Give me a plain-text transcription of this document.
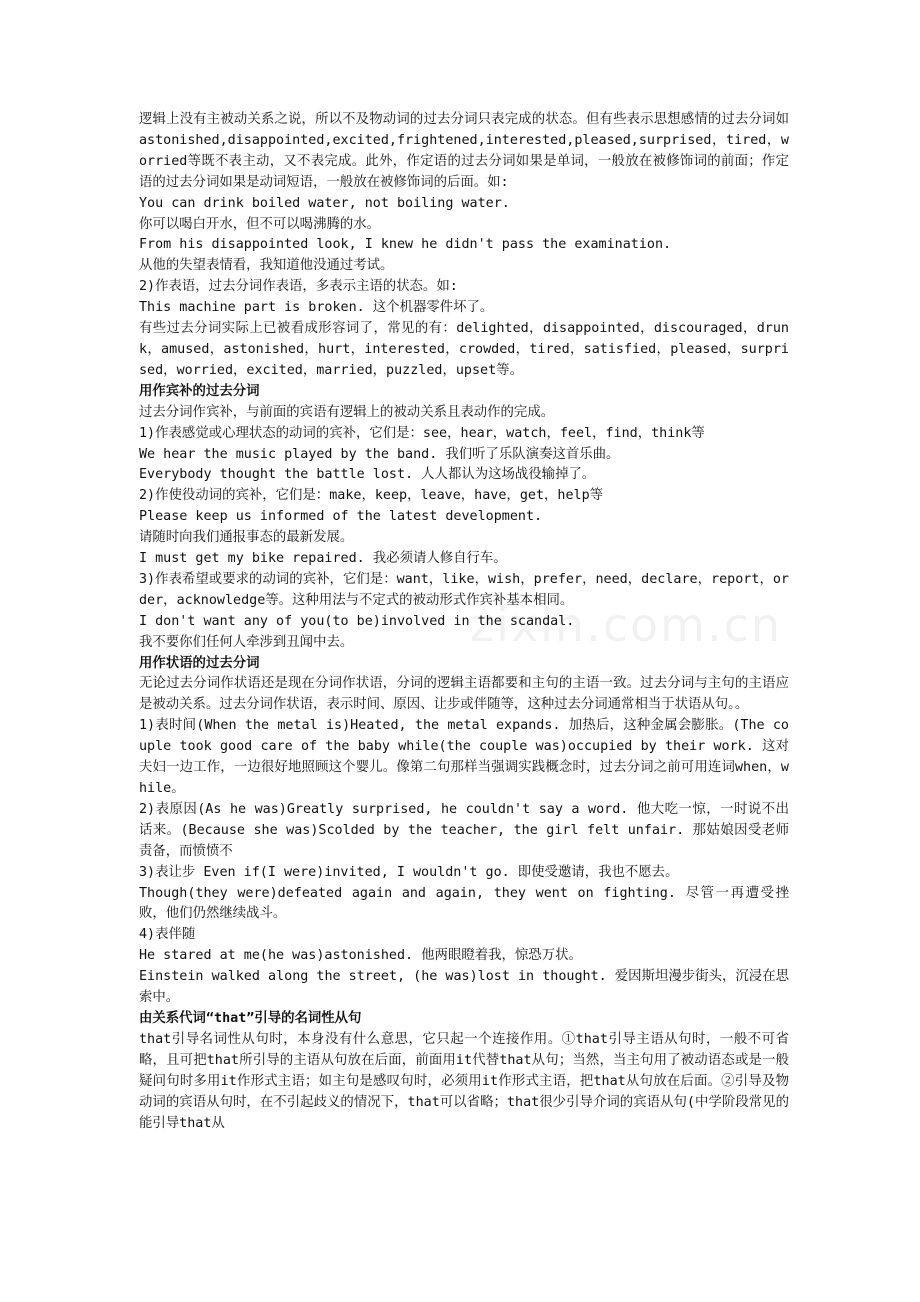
逻辑上没有主被动关系之说，所以不及物动词的过去分词只表完成的状态。但有些表示思想感情的过去分词如astonished,disappointed,excited,frightened,interested,pleased,surprised，tired，worried等既不表主动，又不表完成。此外，作定语的过去分词如果是单词，一般放在被修饰词的前面；作定语的过去分词如果是动词短语，一般放在被修饰词的后面。如:

You can drink boiled water, not boiling water.

你可以喝白开水，但不可以喝沸腾的水。

From his disappointed look, I knew he didn't pass the examination.

从他的失望表情看，我知道他没通过考试。

2)作表语，过去分词作表语，多表示主语的状态。如:

This machine part is broken. 这个机器零件坏了。

有些过去分词实际上已被看成形容词了，常见的有：delighted，disappointed，discouraged，drunk，amused，astonished，hurt，interested，crowded，tired，satisfied，pleased，surprised，worried，excited，married，puzzled，upset等。

用作宾补的过去分词

过去分词作宾补，与前面的宾语有逻辑上的被动关系且表动作的完成。

1)作表感觉或心理状态的动词的宾补，它们是：see，hear，watch，feel，find，think等

We hear the music played by the band. 我们听了乐队演奏这首乐曲。

Everybody thought the battle lost. 人人都认为这场战役输掉了。

2)作使役动词的宾补，它们是：make，keep，leave，have，get，help等

Please keep us informed of the latest development.

请随时向我们通报事态的最新发展。

I must get my bike repaired. 我必须请人修自行车。

3)作表希望或要求的动词的宾补，它们是：want，like，wish，prefer，need，declare，report，order，acknowledge等。这种用法与不定式的被动形式作宾补基本相同。

I don't want any of you(to be)involved in the scandal.

我不要你们任何人牵涉到丑闻中去。

用作状语的过去分词

无论过去分词作状语还是现在分词作状语，分词的逻辑主语都要和主句的主语一致。过去分词与主句的主语应是被动关系。过去分词作状语，表示时间、原因、让步或伴随等，这种过去分词通常相当于状语从句。。

1)表时间(When the metal is)Heated, the metal expands. 加热后，这种金属会膨胀。(The couple took good care of the baby while(the couple was)occupied by their work. 这对夫妇一边工作，一边很好地照顾这个婴儿。像第二句那样当强调实践概念时，过去分词之前可用连词when，while。

2)表原因(As he was)Greatly surprised, he couldn't say a word. 他大吃一惊，一时说不出话来。(Because she was)Scolded by the teacher, the girl felt unfair. 那姑娘因受老师责备，而愤愤不

3)表让步 Even if(I were)invited, I wouldn't go. 即使受邀请，我也不愿去。

Though(they were)defeated again and again, they went on fighting. 尽管一再遭受挫败，他们仍然继续战斗。

4)表伴随

He stared at me(he was)astonished. 他两眼瞪着我，惊恐万状。

Einstein walked along the street, (he was)lost in thought. 爱因斯坦漫步街头，沉浸在思索中。

由关系代词“that”引导的名词性从句

that引导名词性从句时，本身没有什么意思，它只起一个连接作用。①that引导主语从句时，一般不可省略，且可把that所引导的主语从句放在后面，前面用it代替that从句；当然，当主句用了被动语态或是一般疑问句时多用it作形式主语；如主句是感叹句时，必须用it作形式主语，把that从句放在后面。②引导及物动词的宾语从句时，在不引起歧义的情况下，that可以省略；that很少引导介词的宾语从句(中学阶段常见的能引导that从

zixin.com.cn
